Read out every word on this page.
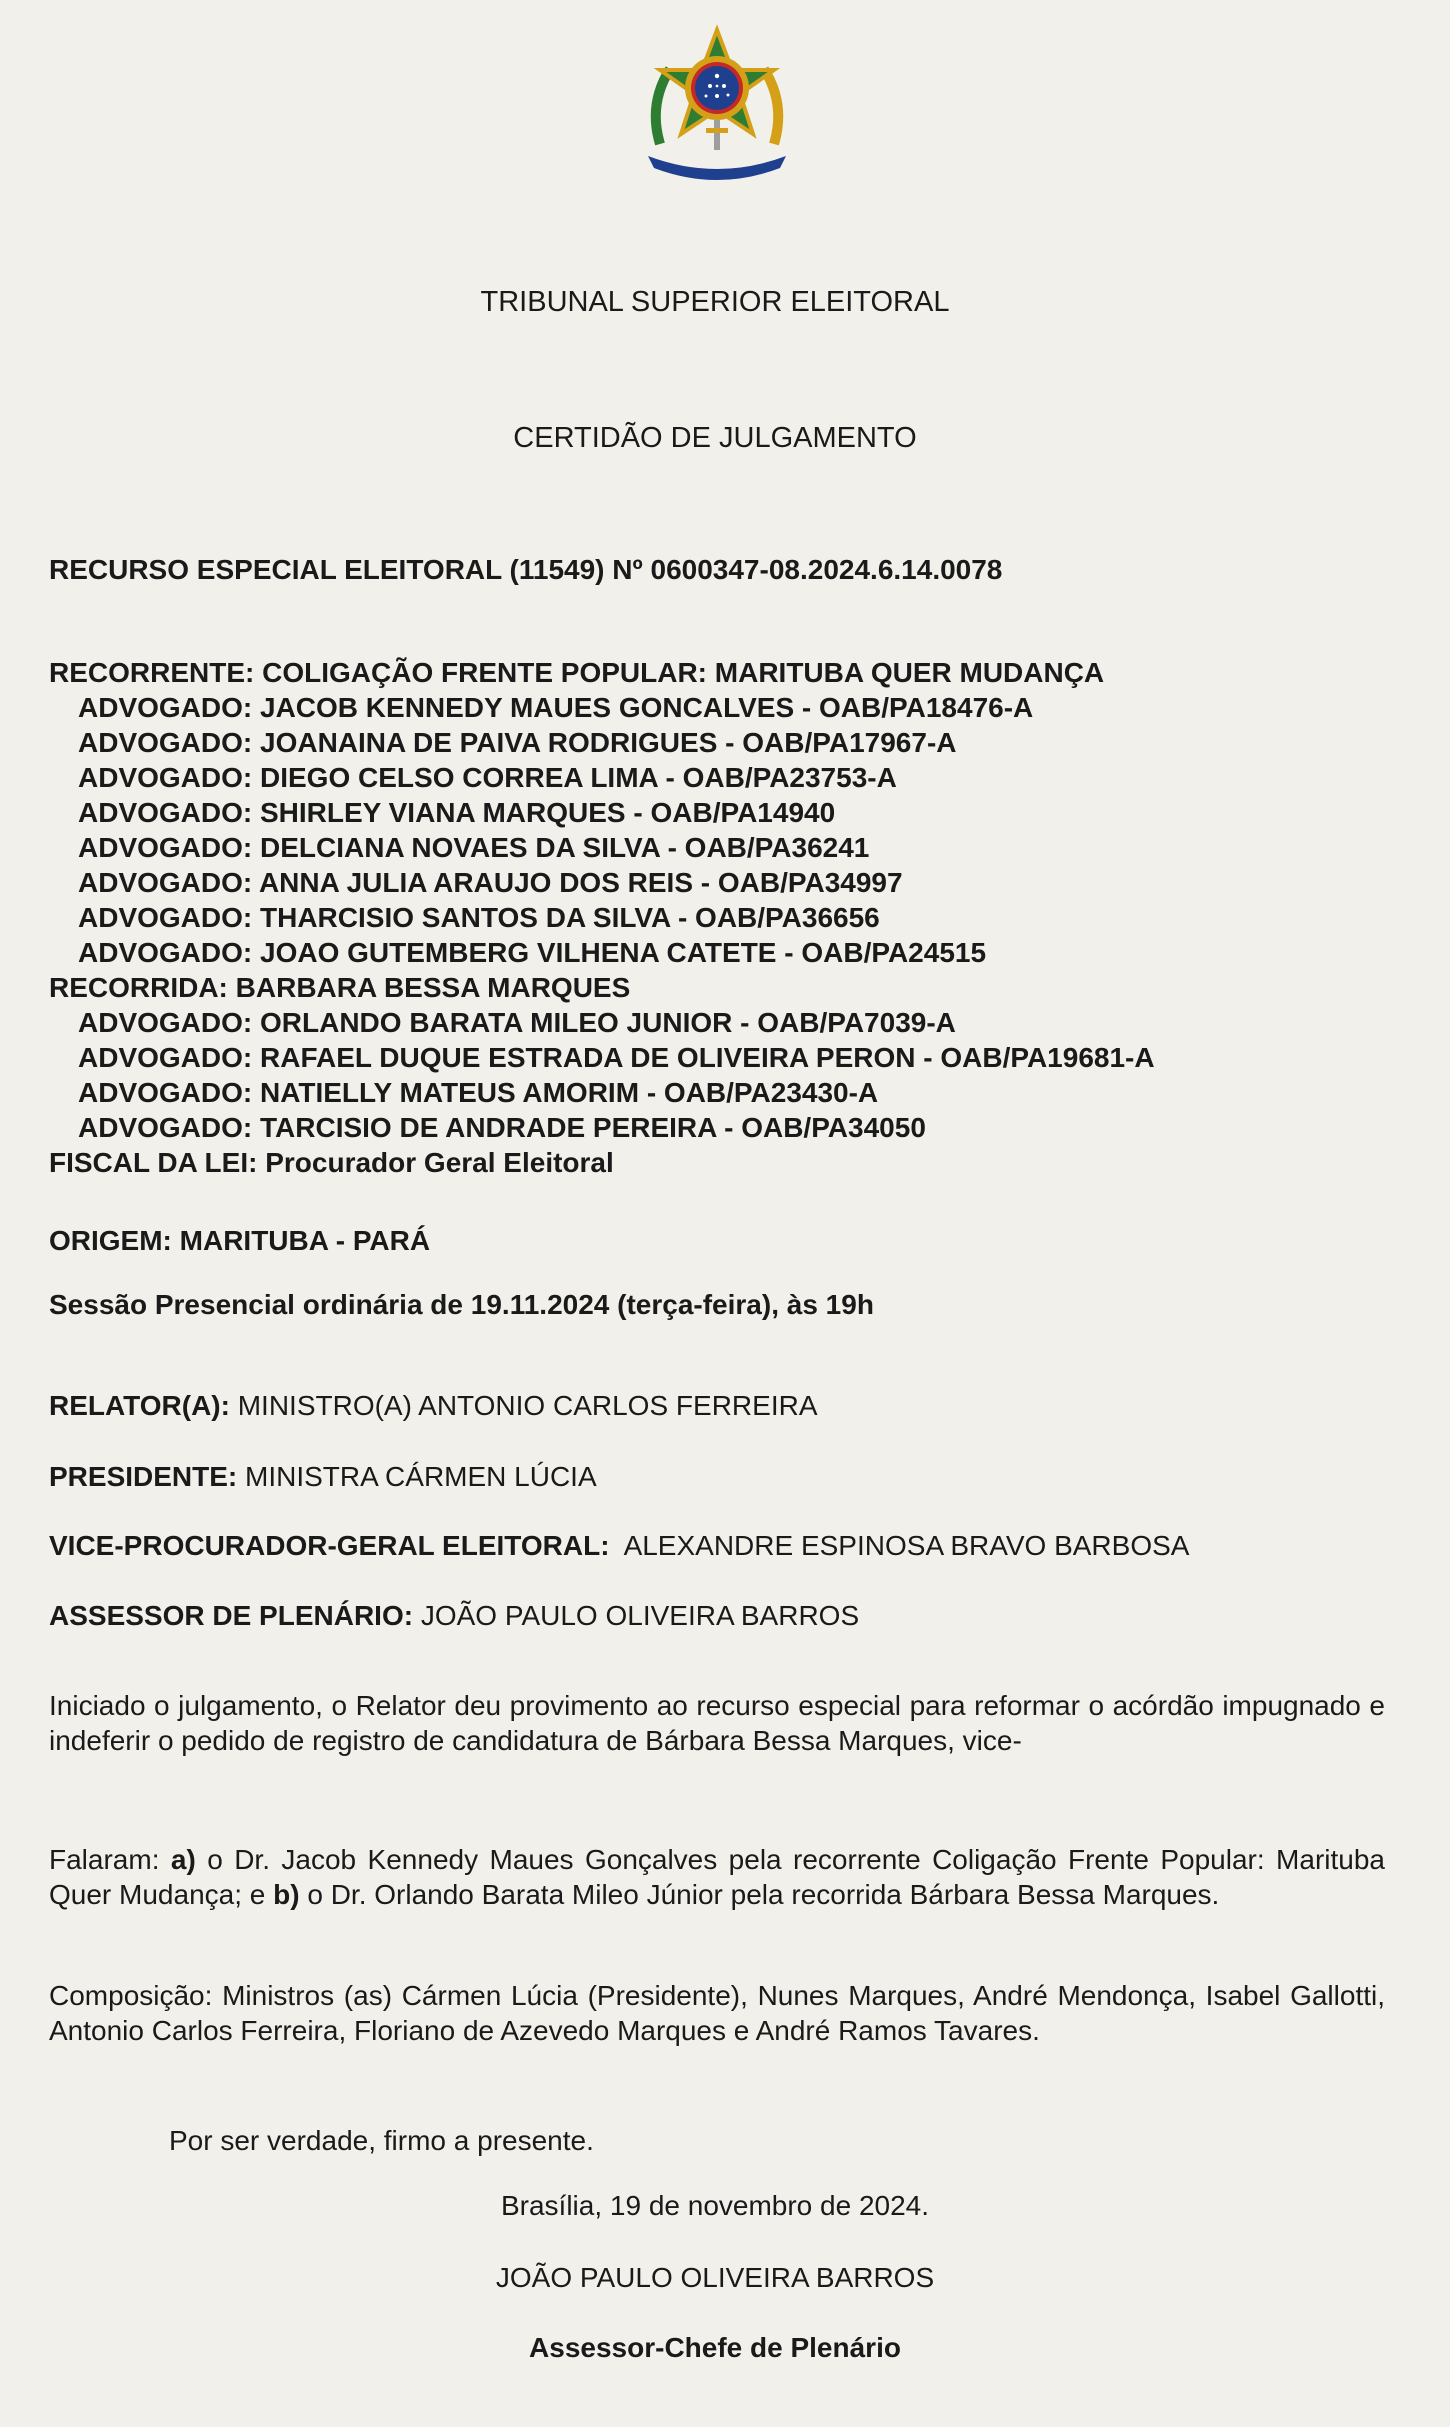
TRIBUNAL SUPERIOR ELEITORAL
CERTIDÃO DE JULGAMENTO
RECURSO ESPECIAL ELEITORAL (11549) Nº 0600347-08.2024.6.14.0078
RECORRENTE: COLIGAÇÃO FRENTE POPULAR: MARITUBA QUER MUDANÇA
ADVOGADO: JACOB KENNEDY MAUES GONCALVES - OAB/PA18476-A
ADVOGADO: JOANAINA DE PAIVA RODRIGUES - OAB/PA17967-A
ADVOGADO: DIEGO CELSO CORREA LIMA - OAB/PA23753-A
ADVOGADO: SHIRLEY VIANA MARQUES - OAB/PA14940
ADVOGADO: DELCIANA NOVAES DA SILVA - OAB/PA36241
ADVOGADO: ANNA JULIA ARAUJO DOS REIS - OAB/PA34997
ADVOGADO: THARCISIO SANTOS DA SILVA - OAB/PA36656
ADVOGADO: JOAO GUTEMBERG VILHENA CATETE - OAB/PA24515
RECORRIDA: BARBARA BESSA MARQUES
ADVOGADO: ORLANDO BARATA MILEO JUNIOR - OAB/PA7039-A
ADVOGADO: RAFAEL DUQUE ESTRADA DE OLIVEIRA PERON - OAB/PA19681-A
ADVOGADO: NATIELLY MATEUS AMORIM - OAB/PA23430-A
ADVOGADO: TARCISIO DE ANDRADE PEREIRA - OAB/PA34050
FISCAL DA LEI: Procurador Geral Eleitoral
ORIGEM: MARITUBA - PARÁ
Sessão Presencial ordinária de 19.11.2024 (terça-feira), às 19h
RELATOR(A): MINISTRO(A) ANTONIO CARLOS FERREIRA
PRESIDENTE: MINISTRA CÁRMEN LÚCIA
VICE-PROCURADOR-GERAL ELEITORAL: ALEXANDRE ESPINOSA BRAVO BARBOSA
ASSESSOR DE PLENÁRIO: JOÃO PAULO OLIVEIRA BARROS
Iniciado o julgamento, o Relator deu provimento ao recurso especial para reformar o acórdão impugnado e indeferir o pedido de registro de candidatura de Bárbara Bessa Marques, vice-
Falaram: a) o Dr. Jacob Kennedy Maues Gonçalves pela recorrente Coligação Frente Popular: Marituba Quer Mudança; e b) o Dr. Orlando Barata Mileo Júnior pela recorrida Bárbara Bessa Marques.
Composição: Ministros (as) Cármen Lúcia (Presidente), Nunes Marques, André Mendonça, Isabel Gallotti, Antonio Carlos Ferreira, Floriano de Azevedo Marques e André Ramos Tavares.
Por ser verdade, firmo a presente.
Brasília, 19 de novembro de 2024.
JOÃO PAULO OLIVEIRA BARROS
Assessor-Chefe de Plenário
